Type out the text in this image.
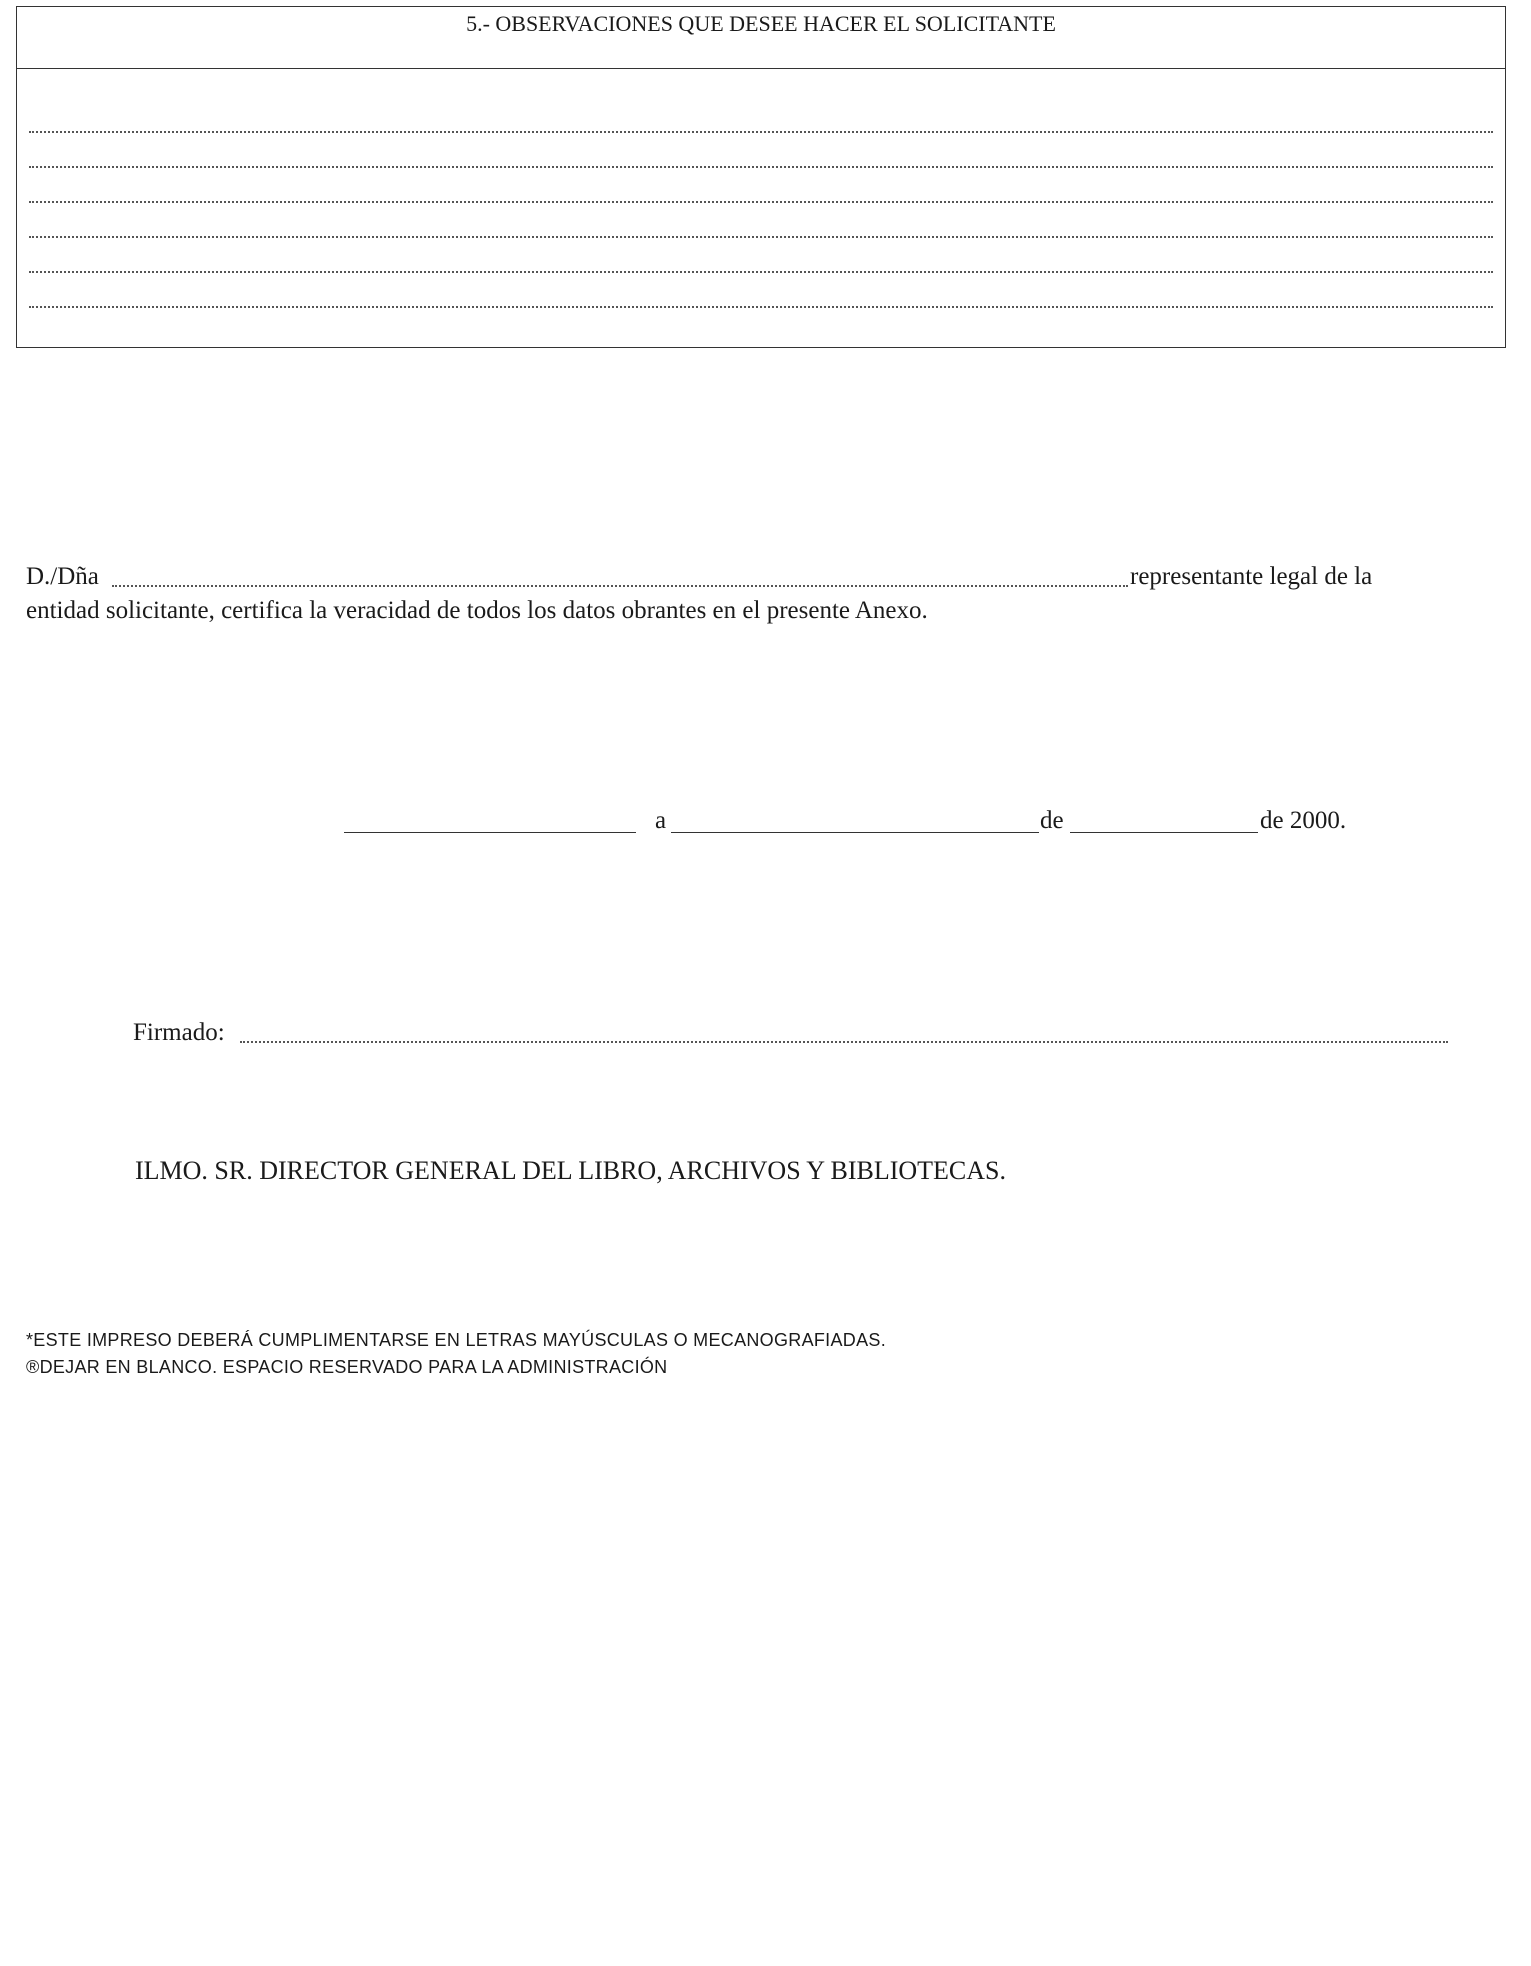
5.- OBSERVACIONES QUE DESEE HACER EL SOLICITANTE
D./Dña	representante legal de la
entidad solicitante, certifica la veracidad de todos los datos obrantes en el presente Anexo.
a	de	de 2000.
Firmado:
ILMO. SR. DIRECTOR GENERAL DEL LIBRO, ARCHIVOS Y BIBLIOTECAS.
*ESTE IMPRESO DEBERÁ CUMPLIMENTARSE EN LETRAS MAYÚSCULAS O MECANOGRAFIADAS.
®DEJAR EN BLANCO. ESPACIO RESERVADO PARA LA ADMINISTRACIÓN
